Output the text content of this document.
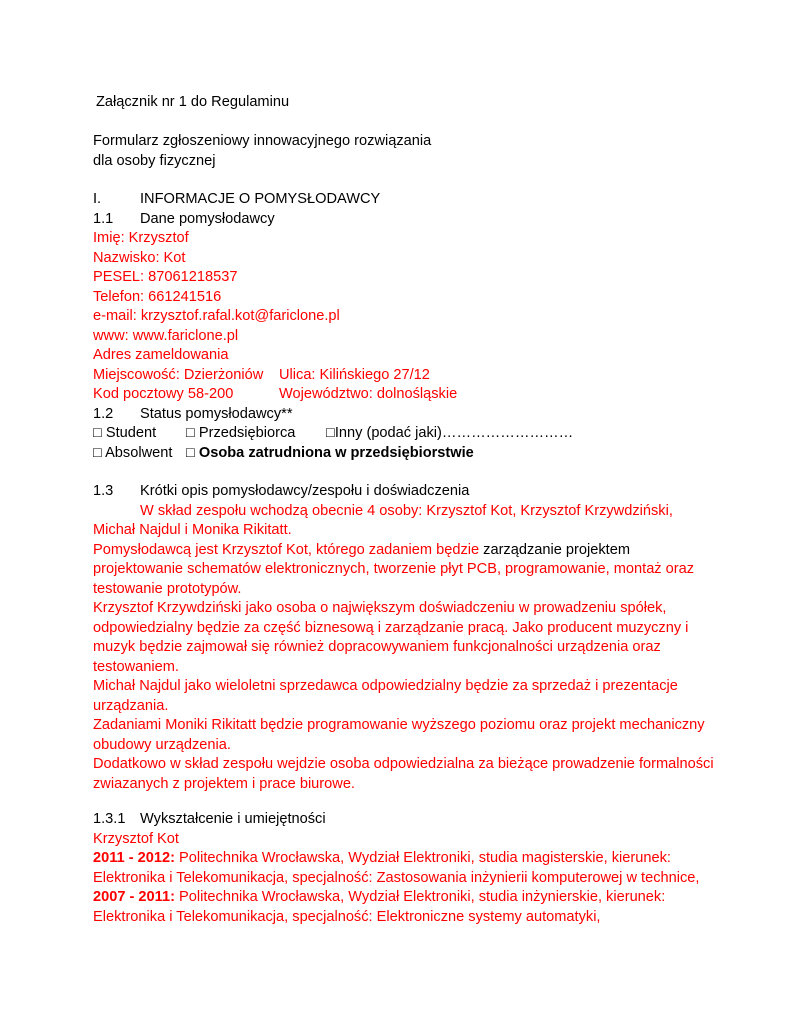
Załącznik nr 1 do Regulaminu
Formularz zgłoszeniowy innowacyjnego rozwiązania
dla osoby fizycznej
I.	INFORMACJE O POMYSŁODAWCY
1.1 Dane pomysłodawcy
Imię: Krzysztof
Nazwisko: Kot
PESEL: 87061218537
Telefon: 661241516
e-mail: krzysztof.rafal.kot@fariclone.pl
www: www.fariclone.pl
Adres zameldowania
Miejscowość: Dzierżoniów Ulica: Kilińskiego 27/12
Kod pocztowy 58-200	Województwo: dolnośląskie
1.2 Status pomysłodawcy**
□ Student □ Przedsiębiorca □Inny (podać jaki)………………………
□ Absolwent □ Osoba zatrudniona w przedsiębiorstwie
1.3 Krótki opis pomysłodawcy/zespołu i doświadczenia
W skład zespołu wchodzą obecnie 4 osoby: Krzysztof Kot, Krzysztof Krzywdziński,
Michał Najdul i Monika Rikitatt.
Pomysłodawcą jest Krzysztof Kot, którego zadaniem będzie zarządzanie projektem
projektowanie schematów elektronicznych, tworzenie płyt PCB, programowanie, montaż oraz
testowanie prototypów.
Krzysztof Krzywdziński jako osoba o największym doświadczeniu w prowadzeniu spółek,
odpowiedzialny będzie za część biznesową i zarządzanie pracą. Jako producent muzyczny i
muzyk będzie zajmował się również dopracowywaniem funkcjonalności urządzenia oraz
testowaniem.
Michał Najdul jako wieloletni sprzedawca odpowiedzialny będzie za sprzedaż i prezentacje
urządzania.
Zadaniami Moniki Rikitatt będzie programowanie wyższego poziomu oraz projekt mechaniczny
obudowy urządzenia.
Dodatkowo w skład zespołu wejdzie osoba odpowiedzialna za bieżące prowadzenie formalności
zwiazanych z projektem i prace biurowe.
1.3.1 Wykształcenie i umiejętności
Krzysztof Kot
2011 - 2012: Politechnika Wrocławska, Wydział Elektroniki, studia magisterskie, kierunek:
Elektronika i Telekomunikacja, specjalność: Zastosowania inżynierii komputerowej w technice,
2007 - 2011: Politechnika Wrocławska, Wydział Elektroniki, studia inżynierskie, kierunek:
Elektronika i Telekomunikacja, specjalność: Elektroniczne systemy automatyki,
